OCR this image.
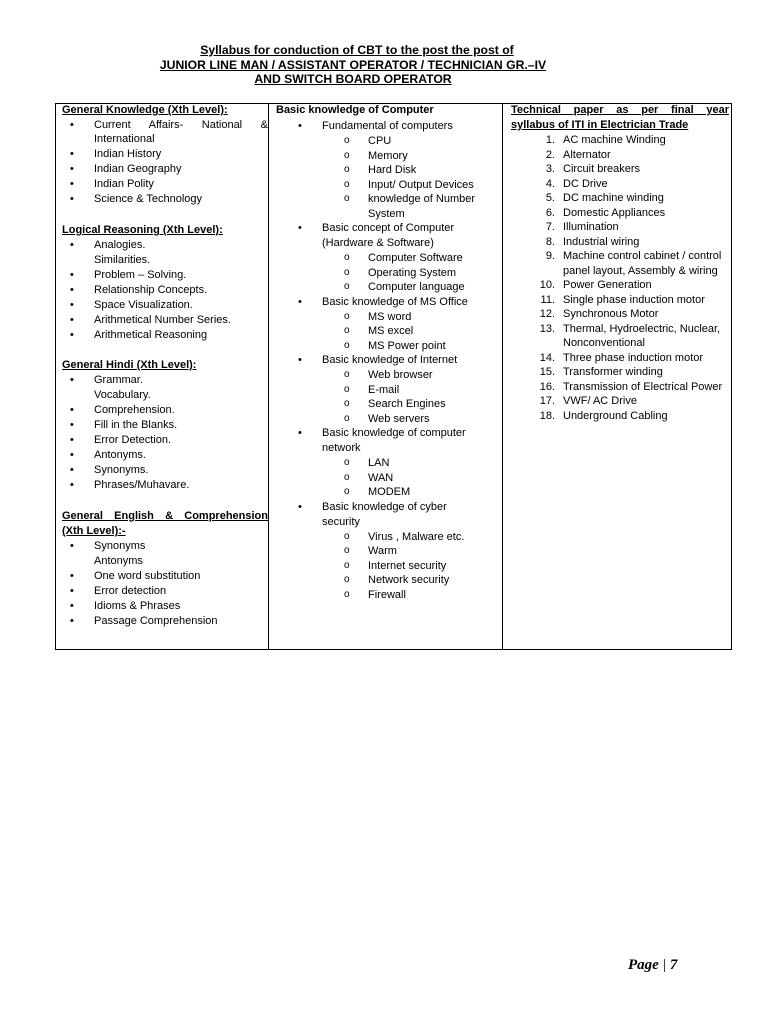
Syllabus for conduction of CBT to the post the post of
JUNIOR LINE MAN / ASSISTANT OPERATOR / TECHNICIAN GR.–IV
AND SWITCH BOARD OPERATOR
General Knowledge (Xth Level):
• Current Affairs- National &
International
• Indian History
• Indian Geography
• Indian Polity
• Science & Technology
Logical Reasoning (Xth Level):
• Analogies.
Similarities.
• Problem – Solving.
• Relationship Concepts.
• Space Visualization.
• Arithmetical Number Series.
• Arithmetical Reasoning
General Hindi (Xth Level):
• Grammar.
Vocabulary.
• Comprehension.
• Fill in the Blanks.
• Error Detection.
• Antonyms.
• Synonyms.
• Phrases/Muhavare.
General English & Comprehension
(Xth Level):-
• Synonyms
Antonyms
• One word substitution
• Error detection
• Idioms & Phrases
• Passage Comprehension
Basic knowledge of Computer
• Fundamental of computers
o CPU
o Memory
o Hard Disk
o Input/ Output Devices
o knowledge of Number
System
• Basic concept of Computer
(Hardware & Software)
o Computer Software
o Operating System
o Computer language
• Basic knowledge of MS Office
o MS word
o MS excel
o MS Power point
• Basic knowledge of Internet
o Web browser
o E-mail
o Search Engines
o Web servers
• Basic knowledge of computer
network
o LAN
o WAN
o MODEM
• Basic knowledge of cyber
security
o Virus , Malware etc.
o Warm
o Internet security
o Network security
o Firewall
Technical paper as per final year
syllabus of ITI in Electrician Trade
1. AC machine Winding
2. Alternator
3. Circuit breakers
4. DC Drive
5. DC machine winding
6. Domestic Appliances
7. Illumination
8. Industrial wiring
9. Machine control cabinet / control
panel layout, Assembly & wiring
10. Power Generation
11. Single phase induction motor
12. Synchronous Motor
13. Thermal, Hydroelectric, Nuclear,
Nonconventional
14. Three phase induction motor
15. Transformer winding
16. Transmission of Electrical Power
17. VWF/ AC Drive
18. Underground Cabling
Page | 7
